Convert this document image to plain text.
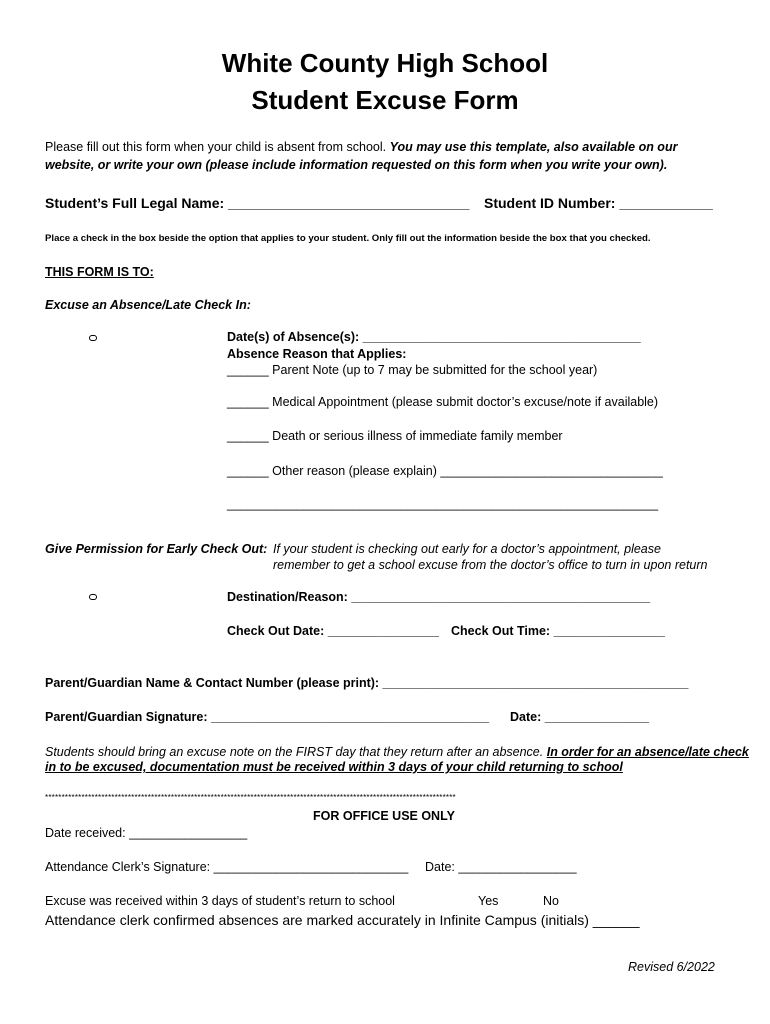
White County High School
Student Excuse Form
Please fill out this form when your child is absent from school. You may use this template, also available on our
website, or write your own (please include information requested on this form when you write your own).
Student’s Full Legal Name: _______________________________ Student ID Number: ____________
Place a check in the box beside the option that applies to your student. Only fill out the information beside the box that you checked.
THIS FORM IS TO:
Excuse an Absence/Late Check In:
Date(s) of Absence(s): ________________________________________
Absence Reason that Applies:
______ Parent Note (up to 7 may be submitted for the school year)
______ Medical Appointment (please submit doctor’s excuse/note if available)
______ Death or serious illness of immediate family member
______ Other reason (please explain) ________________________________
______________________________________________________________
Give Permission for Early Check Out: If your student is checking out early for a doctor’s appointment, please
remember to get a school excuse from the doctor’s office to turn in upon return
Destination/Reason: ___________________________________________
Check Out Date: ________________ Check Out Time: ________________
Parent/Guardian Name & Contact Number (please print): ____________________________________________
Parent/Guardian Signature: ________________________________________ Date: _______________
Students should bring an excuse note on the FIRST day that they return after an absence. In order for an absence/late check
in to be excused, documentation must be received within 3 days of your child returning to school
****************************************************************************************************************************
FOR OFFICE USE ONLY
Date received: _________________
Attendance Clerk’s Signature: ____________________________ Date: _________________
Excuse was received within 3 days of student’s return to school	Yes	No
Attendance clerk confirmed absences are marked accurately in Infinite Campus (initials) ______
Revised 6/2022
